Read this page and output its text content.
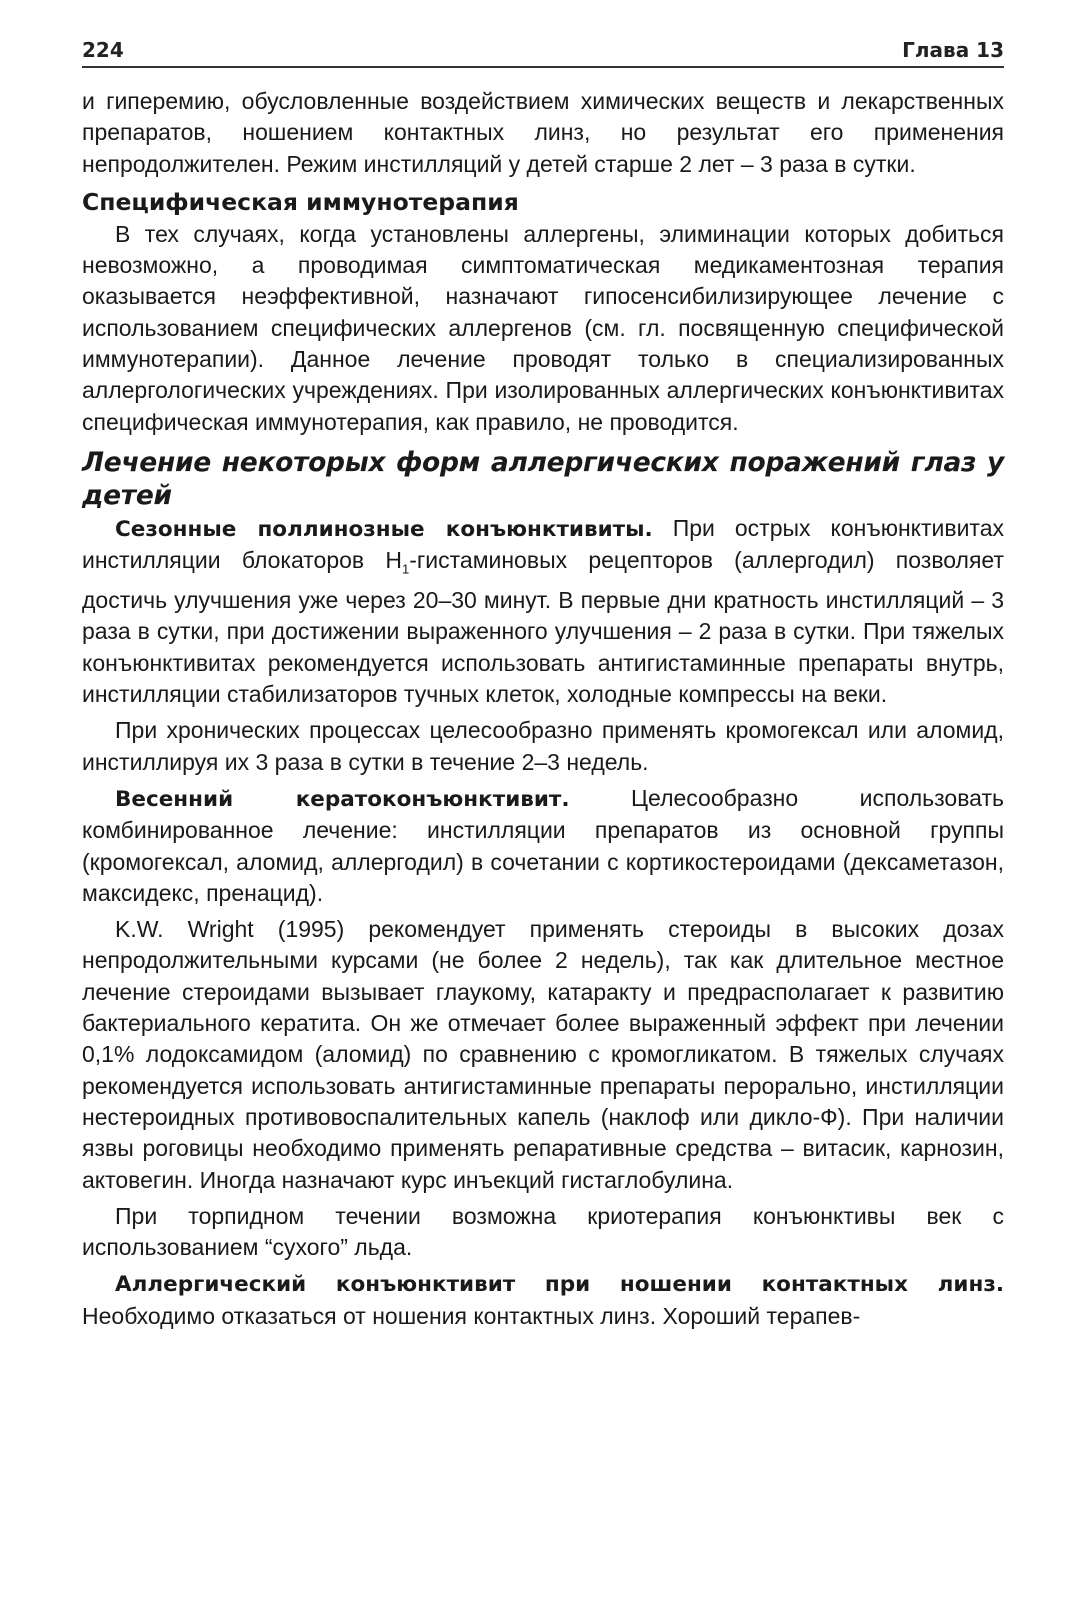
224	Глава 13

и гиперемию, обусловленные воздействием химических веществ и лекарственных препаратов, ношением контактных линз, но результат его применения непродолжителен. Режим инстилляций у детей старше 2 лет – 3 раза в сутки.

Специфическая иммунотерапия

В тех случаях, когда установлены аллергены, элиминации которых добиться невозможно, а проводимая симптоматическая медикаментозная терапия оказывается неэффективной, назначают гипосенсибилизирующее лечение с использованием специфических аллергенов (см. гл. посвященную специфической иммунотерапии). Данное лечение проводят только в специализированных аллергологических учреждениях. При изолированных аллергических конъюнктивитах специфическая иммунотерапия, как правило, не проводится.

Лечение некоторых форм аллергических поражений глаз у детей

Сезонные поллинозные конъюнктивиты. При острых конъюнктивитах инстилляции блокаторов $H_1$-гистаминовых рецепторов (аллергодил) позволяет достичь улучшения уже через 20–30 минут. В первые дни кратность инстилляций – 3 раза в сутки, при достижении выраженного улучшения – 2 раза в сутки. При тяжелых конъюнктивитах рекомендуется использовать антигистаминные препараты внутрь, инстилляции стабилизаторов тучных клеток, холодные компрессы на веки.

При хронических процессах целесообразно применять кромогексал или аломид, инстиллируя их 3 раза в сутки в течение 2–3 недель.

Весенний кератоконъюнктивит. Целесообразно использовать комбинированное лечение: инстилляции препаратов из основной группы (кромогексал, аломид, аллергодил) в сочетании с кортикостероидами (дексаметазон, максидекс, пренацид).

K.W. Wright (1995) рекомендует применять стероиды в высоких дозах непродолжительными курсами (не более 2 недель), так как длительное местное лечение стероидами вызывает глаукому, катаракту и предрасполагает к развитию бактериального кератита. Он же отмечает более выраженный эффект при лечении 0,1% лодоксамидом (аломид) по сравнению с кромогликатом. В тяжелых случаях рекомендуется использовать антигистаминные препараты перорально, инстилляции нестероидных противовоспалительных капель (наклоф или дикло-Ф). При наличии язвы роговицы необходимо применять репаративные средства – витасик, карнозин, актовегин. Иногда назначают курс инъекций гистаглобулина.

При торпидном течении возможна криотерапия конъюнктивы век с использованием “сухого” льда.

Аллергический конъюнктивит при ношении контактных линз. Необходимо отказаться от ношения контактных линз. Хороший терапев-
